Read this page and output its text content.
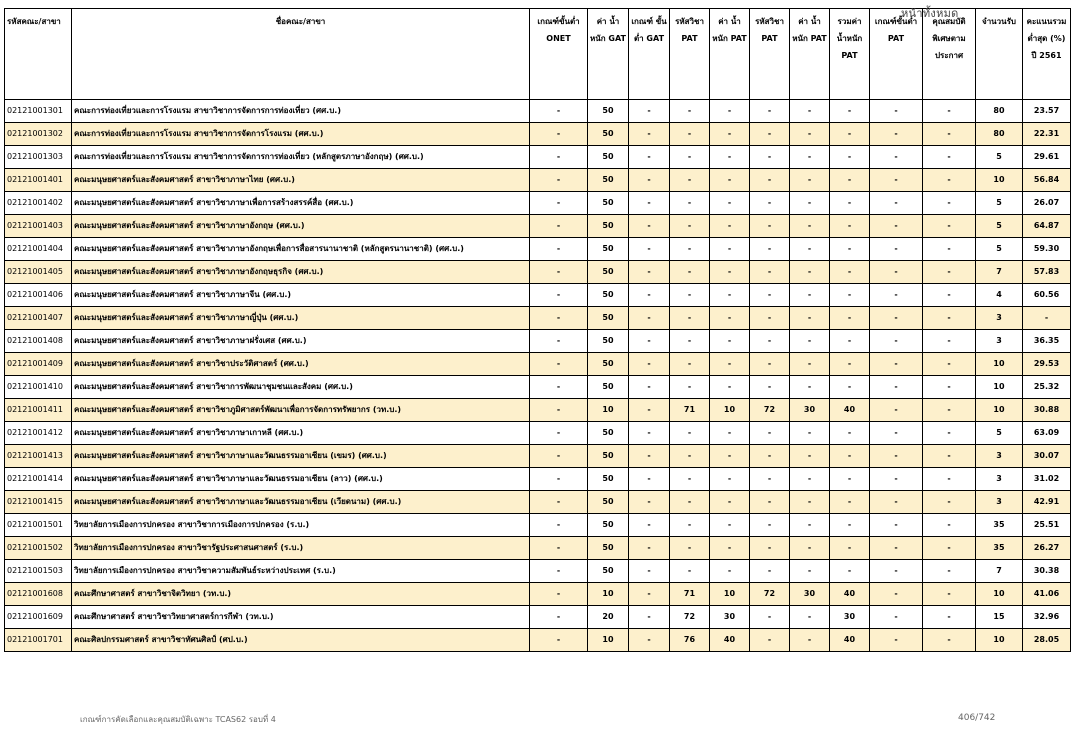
หน้าทั้งหมด
รหัสคณะ/สาขา	ชื่อคณะ/สาขา	เกณฑ์ขั้นต่ำ ONET	ค่า น้ำหนัก GAT	เกณฑ์ ขั้นต่ำ GAT	รหัสวิชา PAT	ค่า น้ำหนัก PAT	รหัสวิชา PAT	ค่า น้ำหนัก PAT	รวมค่า น้ำหนัก PAT	เกณฑ์ขั้นต่ำ PAT	คุณสมบัติ พิเศษตาม ประกาศ	จำนวนรับ	คะแนนรวม ต่ำสุด (%) ปี 2561
02121001301	คณะการท่องเที่ยวและการโรงแรม สาขาวิชาการจัดการการท่องเที่ยว (ศศ.บ.)	-	50	-	-	-	-	-	-	-	-	80	23.57
02121001302	คณะการท่องเที่ยวและการโรงแรม สาขาวิชาการจัดการโรงแรม (ศศ.บ.)	-	50	-	-	-	-	-	-	-	-	80	22.31
02121001303	คณะการท่องเที่ยวและการโรงแรม สาขาวิชาการจัดการการท่องเที่ยว (หลักสูตรภาษาอังกฤษ) (ศศ.บ.)	-	50	-	-	-	-	-	-	-	-	5	29.61
02121001401	คณะมนุษยศาสตร์และสังคมศาสตร์ สาขาวิชาภาษาไทย (ศศ.บ.)	-	50	-	-	-	-	-	-	-	-	10	56.84
02121001402	คณะมนุษยศาสตร์และสังคมศาสตร์ สาขาวิชาภาษาเพื่อการสร้างสรรค์สื่อ (ศศ.บ.)	-	50	-	-	-	-	-	-	-	-	5	26.07
02121001403	คณะมนุษยศาสตร์และสังคมศาสตร์ สาขาวิชาภาษาอังกฤษ (ศศ.บ.)	-	50	-	-	-	-	-	-	-	-	5	64.87
02121001404	คณะมนุษยศาสตร์และสังคมศาสตร์ สาขาวิชาภาษาอังกฤษเพื่อการสื่อสารนานาชาติ (หลักสูตรนานาชาติ) (ศศ.บ.)	-	50	-	-	-	-	-	-	-	-	5	59.30
02121001405	คณะมนุษยศาสตร์และสังคมศาสตร์ สาขาวิชาภาษาอังกฤษธุรกิจ (ศศ.บ.)	-	50	-	-	-	-	-	-	-	-	7	57.83
02121001406	คณะมนุษยศาสตร์และสังคมศาสตร์ สาขาวิชาภาษาจีน (ศศ.บ.)	-	50	-	-	-	-	-	-	-	-	4	60.56
02121001407	คณะมนุษยศาสตร์และสังคมศาสตร์ สาขาวิชาภาษาญี่ปุ่น (ศศ.บ.)	-	50	-	-	-	-	-	-	-	-	3	-
02121001408	คณะมนุษยศาสตร์และสังคมศาสตร์ สาขาวิชาภาษาฝรั่งเศส (ศศ.บ.)	-	50	-	-	-	-	-	-	-	-	3	36.35
02121001409	คณะมนุษยศาสตร์และสังคมศาสตร์ สาขาวิชาประวัติศาสตร์ (ศศ.บ.)	-	50	-	-	-	-	-	-	-	-	10	29.53
02121001410	คณะมนุษยศาสตร์และสังคมศาสตร์ สาขาวิชาการพัฒนาชุมชนและสังคม (ศศ.บ.)	-	50	-	-	-	-	-	-	-	-	10	25.32
02121001411	คณะมนุษยศาสตร์และสังคมศาสตร์ สาขาวิชาภูมิศาสตร์พัฒนาเพื่อการจัดการทรัพยากร (วท.บ.)	-	10	-	71	10	72	30	40	-	-	10	30.88
02121001412	คณะมนุษยศาสตร์และสังคมศาสตร์ สาขาวิชาภาษาเกาหลี (ศศ.บ.)	-	50	-	-	-	-	-	-	-	-	5	63.09
02121001413	คณะมนุษยศาสตร์และสังคมศาสตร์ สาขาวิชาภาษาและวัฒนธรรมอาเซียน (เขมร) (ศศ.บ.)	-	50	-	-	-	-	-	-	-	-	3	30.07
02121001414	คณะมนุษยศาสตร์และสังคมศาสตร์ สาขาวิชาภาษาและวัฒนธรรมอาเซียน (ลาว) (ศศ.บ.)	-	50	-	-	-	-	-	-	-	-	3	31.02
02121001415	คณะมนุษยศาสตร์และสังคมศาสตร์ สาขาวิชาภาษาและวัฒนธรรมอาเซียน (เวียดนาม) (ศศ.บ.)	-	50	-	-	-	-	-	-	-	-	3	42.91
02121001501	วิทยาลัยการเมืองการปกครอง สาขาวิชาการเมืองการปกครอง (ร.บ.)	-	50	-	-	-	-	-	-	-	-	35	25.51
02121001502	วิทยาลัยการเมืองการปกครอง สาขาวิชารัฐประศาสนศาสตร์ (ร.บ.)	-	50	-	-	-	-	-	-	-	-	35	26.27
02121001503	วิทยาลัยการเมืองการปกครอง สาขาวิชาความสัมพันธ์ระหว่างประเทศ (ร.บ.)	-	50	-	-	-	-	-	-	-	-	7	30.38
02121001608	คณะศึกษาศาสตร์ สาขาวิชาจิตวิทยา (วท.บ.)	-	10	-	71	10	72	30	40	-	-	10	41.06
02121001609	คณะศึกษาศาสตร์ สาขาวิชาวิทยาศาสตร์การกีฬา (วท.บ.)	-	20	-	72	30	-	-	30	-	-	15	32.96
02121001701	คณะศิลปกรรมศาสตร์ สาขาวิชาทัศนศิลป์ (ศป.บ.)	-	10	-	76	40	-	-	40	-	-	10	28.05
เกณฑ์การคัดเลือกและคุณสมบัติเฉพาะ TCAS62 รอบที่ 4	406/742
